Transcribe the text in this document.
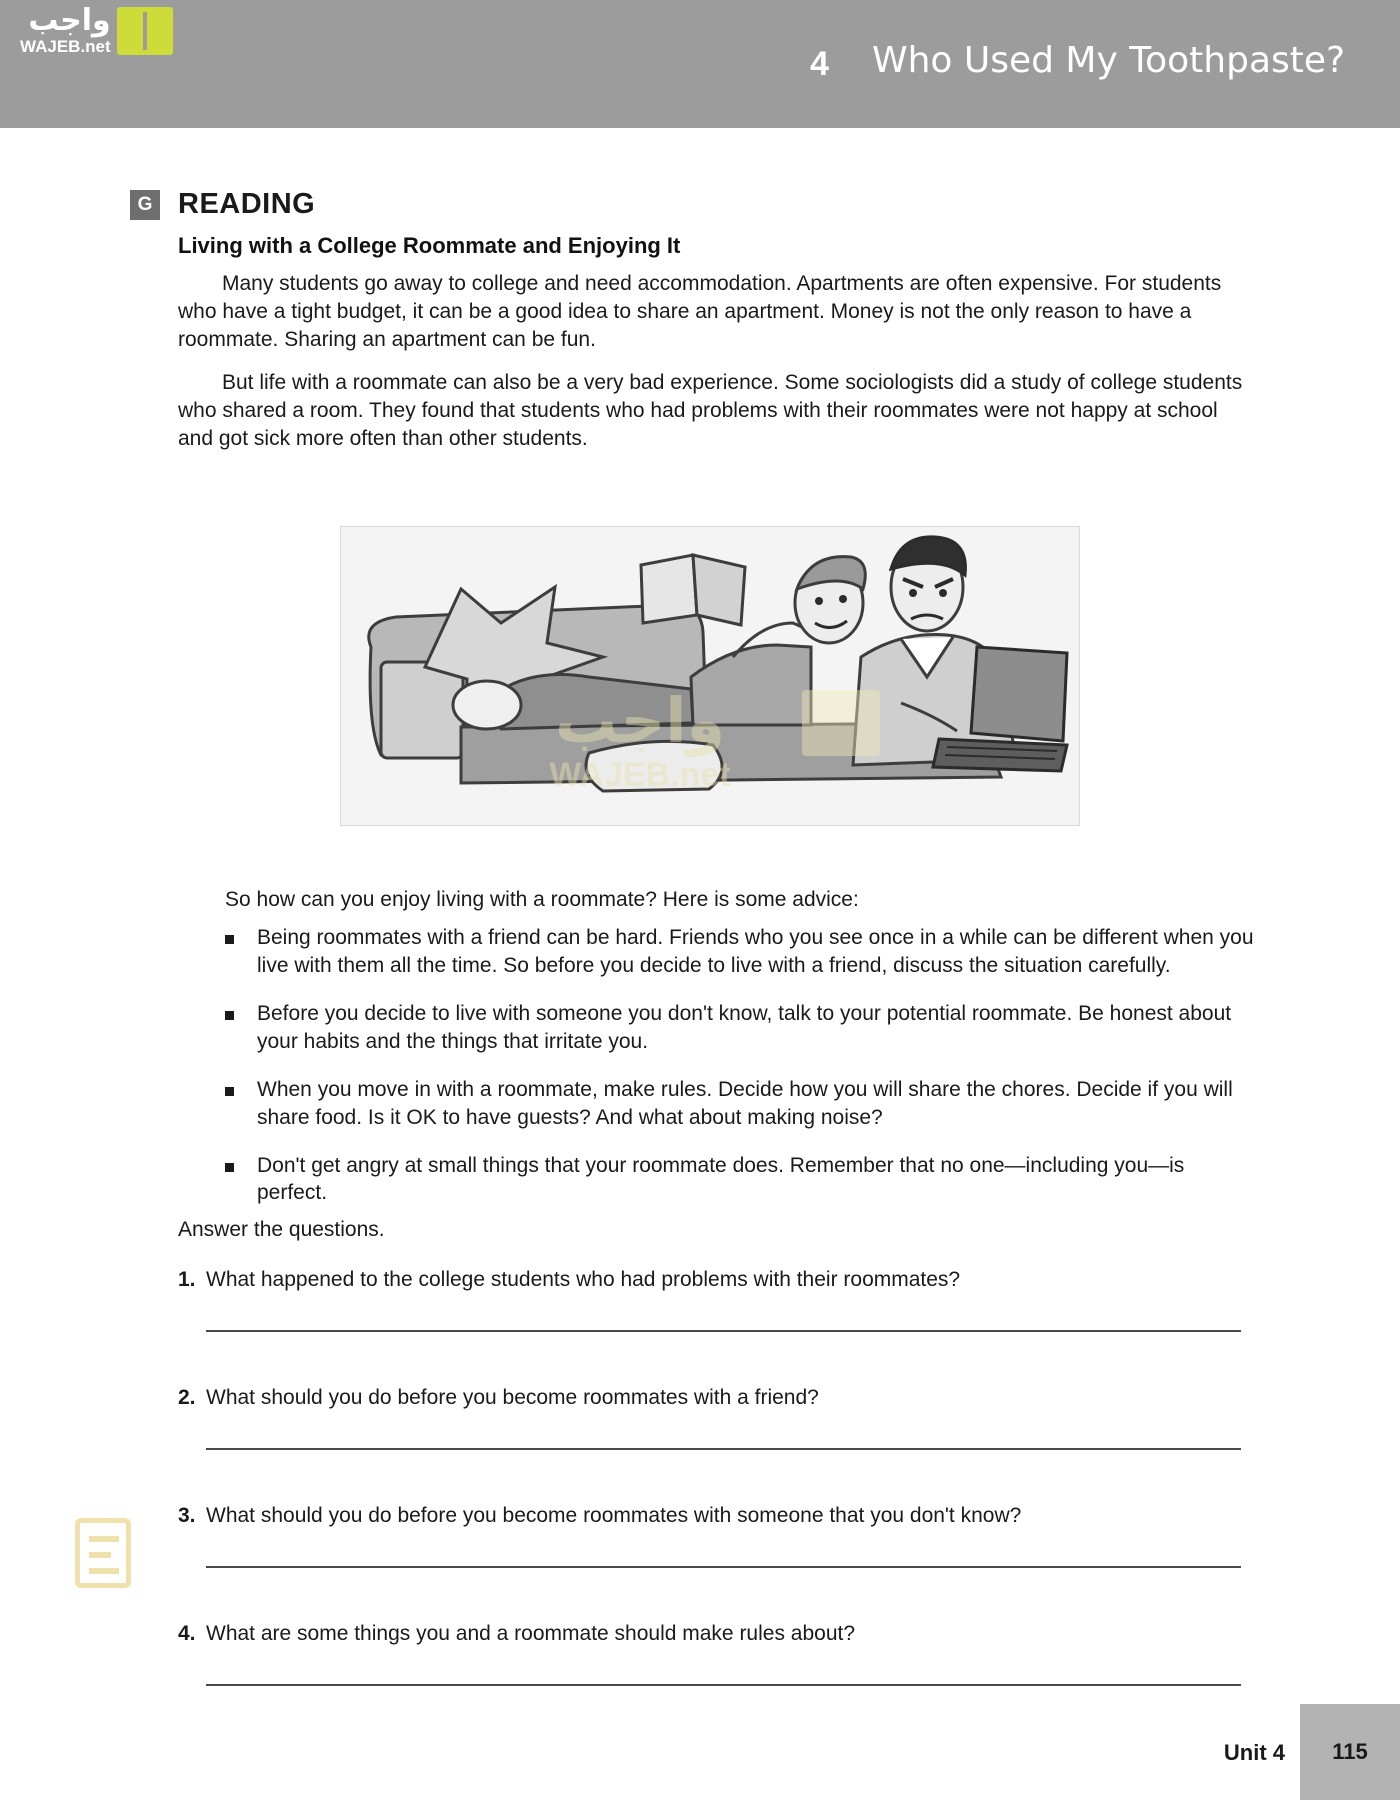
واجب
WAJEB.net	4 Who Used My Toothpaste?
G READING
Living with a College Roommate and Enjoying It
Many students go away to college and need accommodation. Apartments are often expensive. For students who have a tight budget, it can be a good idea to share an apartment. Money is not the only reason to have a roommate. Sharing an apartment can be fun.
But life with a roommate can also be a very bad experience. Some sociologists did a study of college students who shared a room. They found that students who had problems with their roommates were not happy at school and got sick more often than other students.
So how can you enjoy living with a roommate? Here is some advice:
Being roommates with a friend can be hard. Friends who you see once in a while can be different when you live with them all the time. So before you decide to live with a friend, discuss the situation carefully.
Before you decide to live with someone you don't know, talk to your potential roommate. Be honest about your habits and the things that irritate you.
When you move in with a roommate, make rules. Decide how you will share the chores. Decide if you will share food. Is it OK to have guests? And what about making noise?
Don't get angry at small things that your roommate does. Remember that no one—including you—is perfect.
Answer the questions.
1. What happened to the college students who had problems with their roommates?
2. What should you do before you become roommates with a friend?
3. What should you do before you become roommates with someone that you don't know?
4. What are some things you and a roommate should make rules about?
واجب
WAJEB.net
Unit 4	115
